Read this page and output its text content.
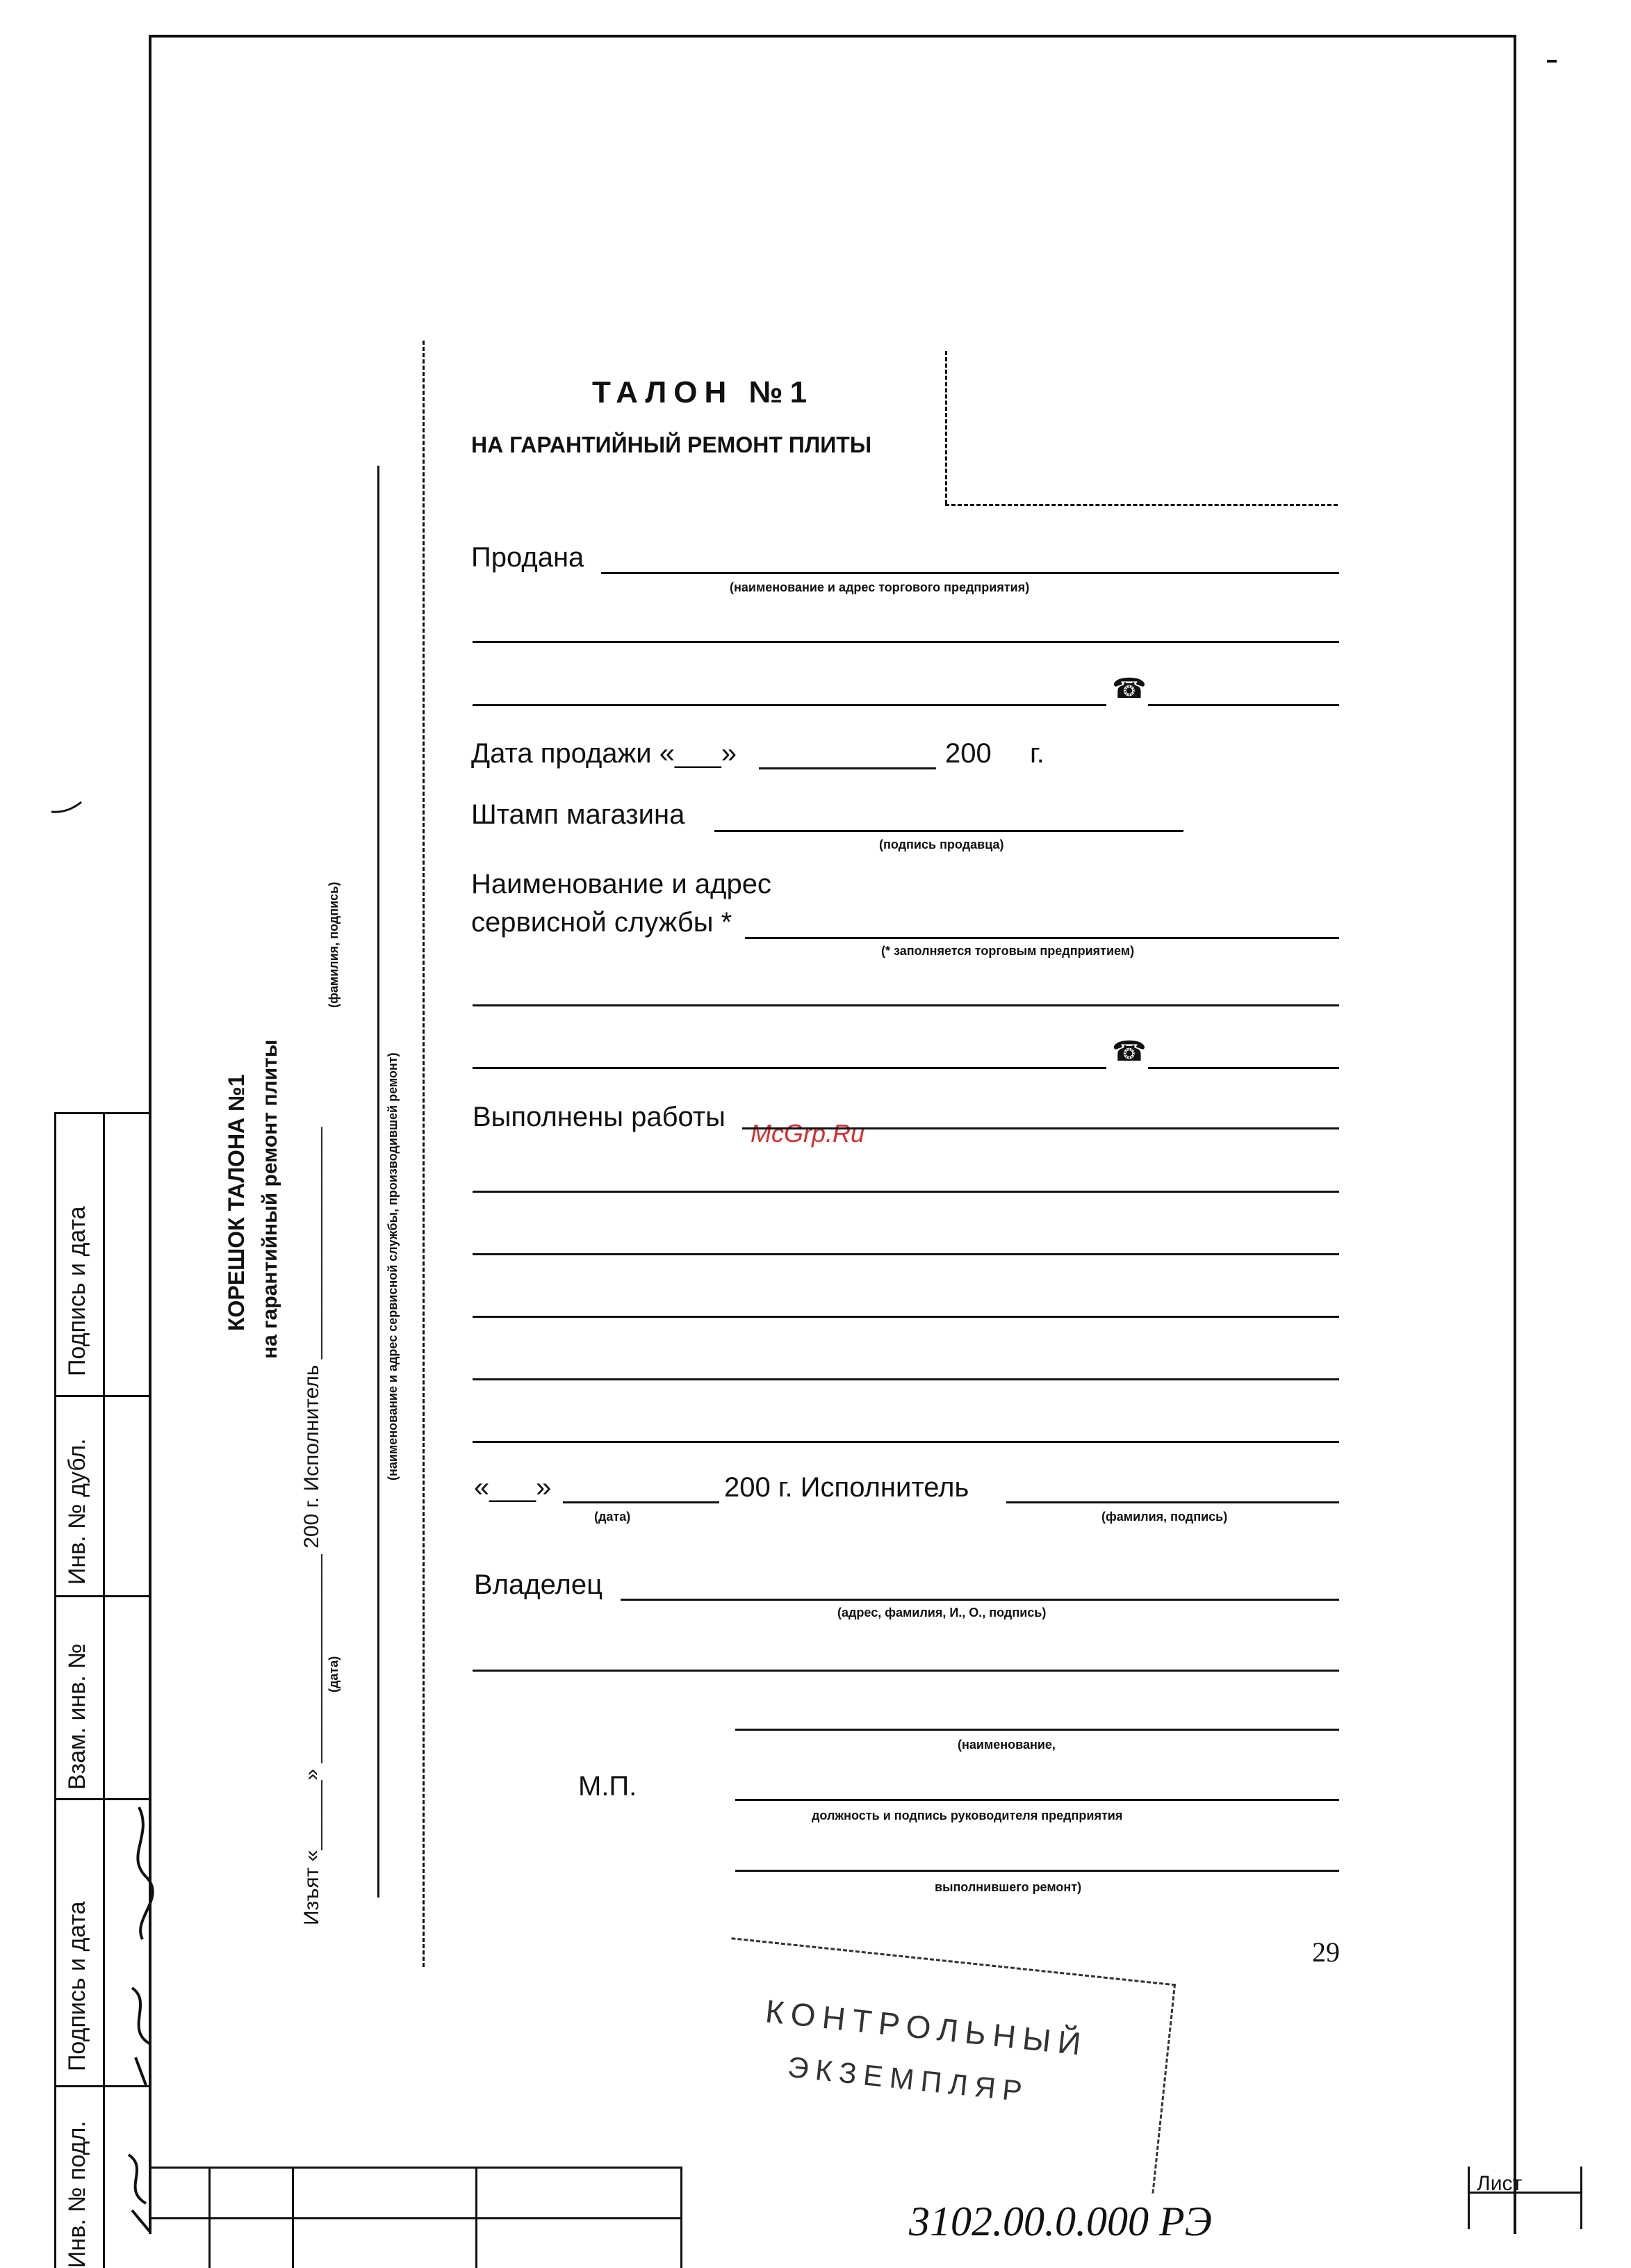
Подпись и дата
Инв. № дубл.
Взам. инв. №
Подпись и дата
Инв. № подл.
КОРЕШОК ТАЛОНА №1 на гарантийный ремонт плиты Изъят «______» __________________ 200 г. Исполнитель ____________________ (дата)
(фамилия, подпись)
(наименование и адрес сервисной службы, производившей ремонт)
ТАЛОН №1
НА ГАРАНТИЙНЫЙ РЕМОНТ ПЛИТЫ
Продана
(наименование и адрес торгового предприятия)
☎
Дата продажи «___»	200 г.
Штамп магазина
(подпись продавца)
Наименование и адрес
сервисной службы *
(* заполняется торговым предприятием)
☎
Выполнены работы
McGrp.Ru
«___»	200 г. Исполнитель
(дата)	(фамилия, подпись)
Владелец
(адрес, фамилия, И., О., подпись)
(наименование,
М.П.
должность и подпись руководителя предприятия
выполнившего ремонт)
29
КОНТРОЛЬНЫЙ
ЭКЗЕМПЛЯР
Лист
3102.00.0.000 РЭ
